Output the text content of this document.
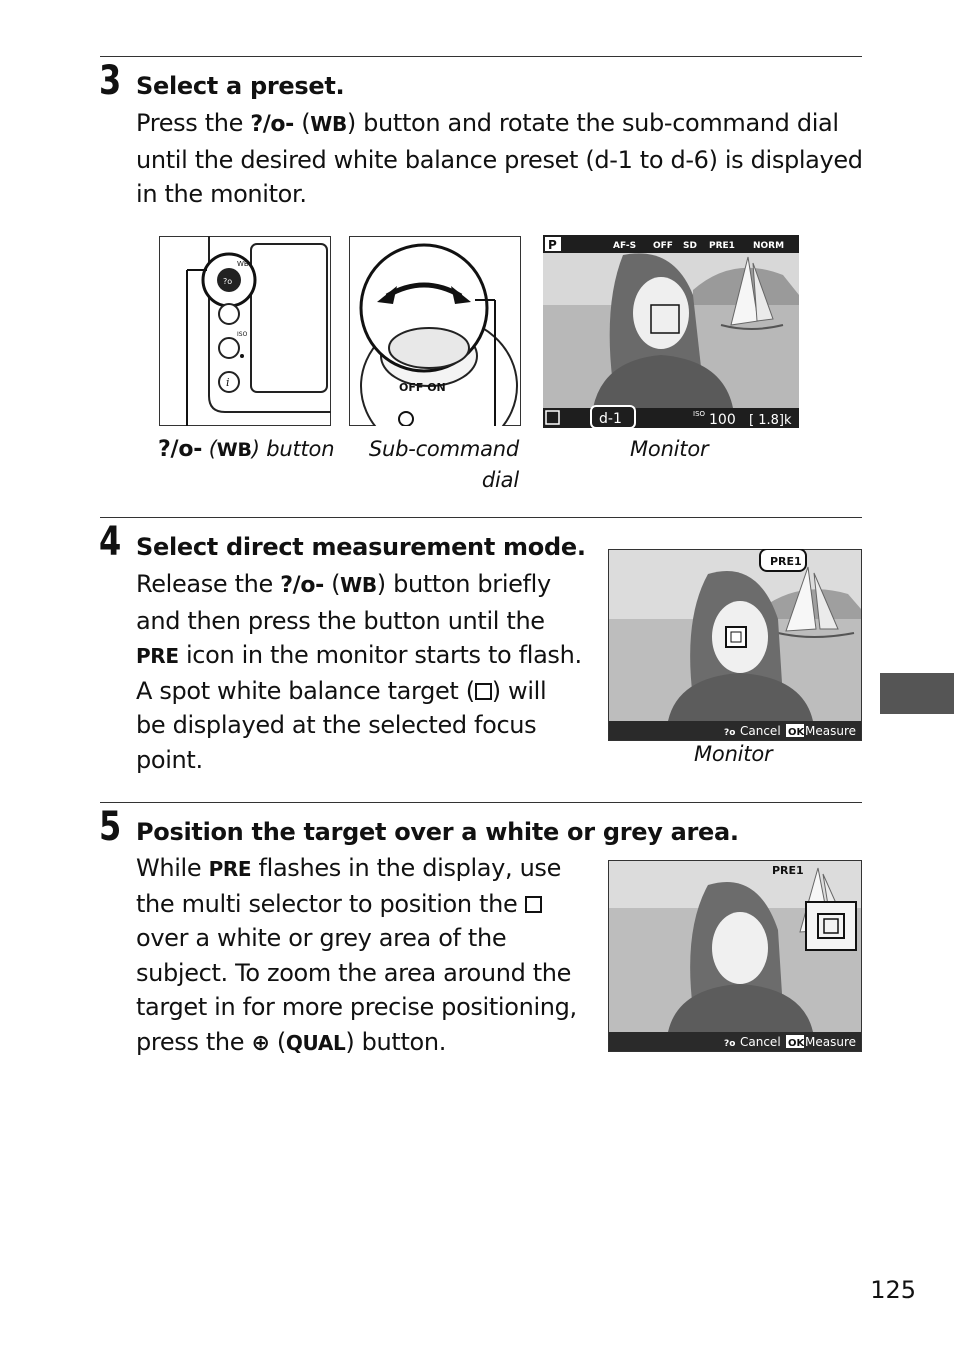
3 Select a preset.
Press the ?/o- (WB) button and rotate the sub-command dial
until the desired white balance preset (d-1 to d-6) is displayed
in the monitor.
?o
WB
ISO
i	OFF ON
P	AF-S OFF SD PRE1 NORM
d-1	ISO 100 [ 1.8]k
?/o- (WB) button	Sub-command
dial
Monitor
4 Select direct measurement mode.
Release the ?/o- (WB) button briefly
and then press the button until the
PRE icon in the monitor starts to flash.
A spot white balance target ( ) will
be displayed at the selected focus
point.
PRE1
?o Cancel OK Measure
Monitor
5 Position the target over a white or grey area.
While PRE flashes in the display, use
the multi selector to position the
over a white or grey area of the
subject. To zoom the area around the
target in for more precise positioning,
press the ⊕ (QUAL) button.
PRE1
?o Cancel OK Measure
125
